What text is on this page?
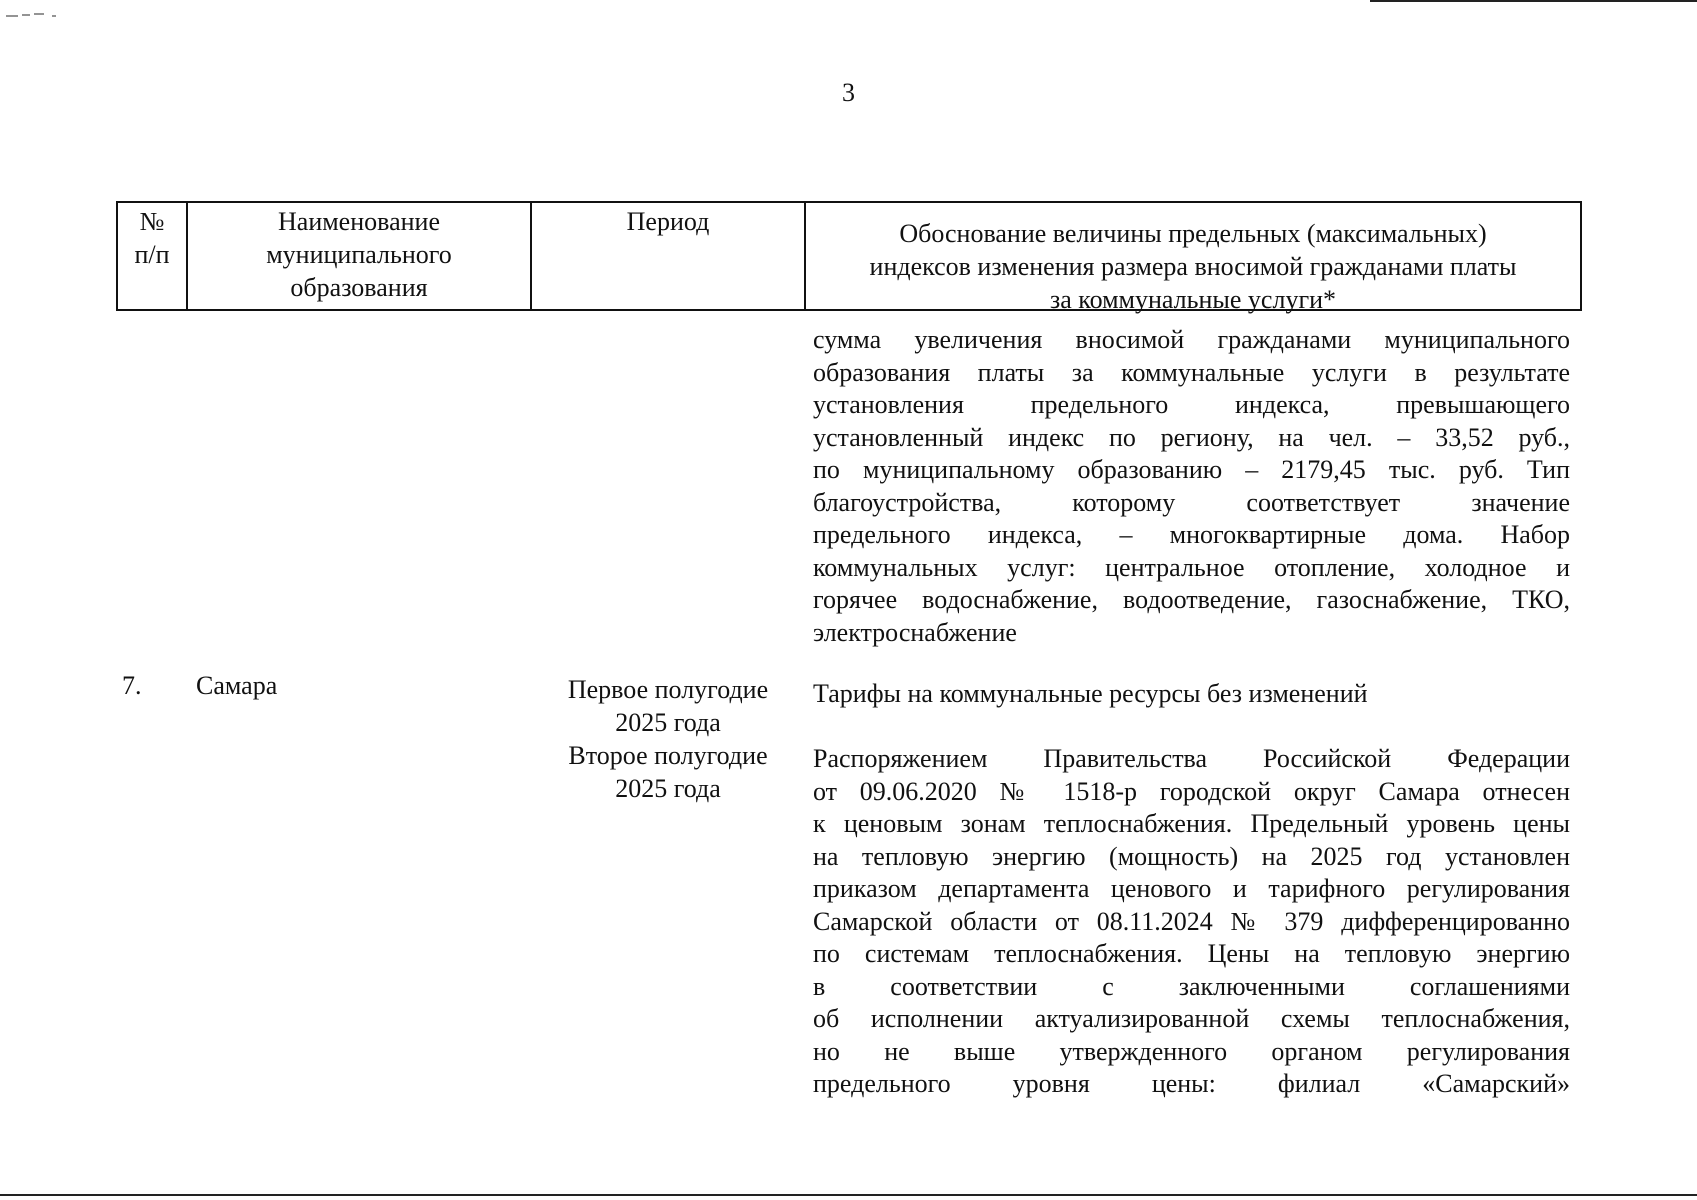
3
№
п/п
Наименование
муниципального
образования
Период	Обоснование величины предельных (максимальных)
индексов изменения размера вносимой гражданами платы
за коммунальные услуги*

сумма увеличения вносимой гражданами муниципального

образования платы за коммунальные услуги в результате

установления предельного индекса, превышающего

установленный индекс по региону, на чел. – 33,52 руб.,

по муниципальному образованию – 2179,45 тыс. руб. Тип

благоустройства, которому соответствует значение

предельного индекса, – многоквартирные дома. Набор

коммунальных услуг: центральное отопление, холодное и

горячее водоснабжение, водоотведение, газоснабжение, ТКО,

электроснабжение

7. Самара	Первое полугодие
2025 года
Второе полугодие
2025 года
Тарифы на коммунальные ресурсы без изменений

Распоряжением Правительства Российской Федерации

от 09.06.2020 № 1518-р городской округ Самара отнесен

к ценовым зонам теплоснабжения. Предельный уровень цены

на тепловую энергию (мощность) на 2025 год установлен

приказом департамента ценового и тарифного регулирования

Самарской области от 08.11.2024 № 379 дифференцированно

по системам теплоснабжения. Цены на тепловую энергию

в соответствии с заключенными соглашениями

об исполнении актуализированной схемы теплоснабжения,

но не выше утвержденного органом регулирования

предельного уровня цены: филиал «Самарский»
